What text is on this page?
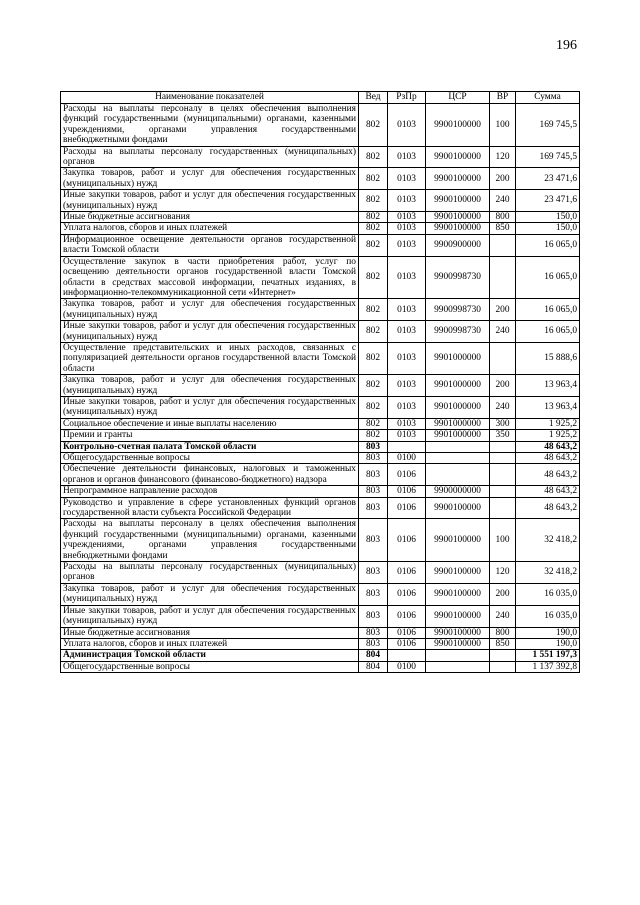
196
Наименование показателей	Вед	РзПр	ЦСР	ВР	Сумма
Расходы на выплаты персоналу в целях обеспечения выполнения функций государственными (муниципальными) органами, казенными учреждениями, органами управления государственными внебюджетными фондами	802	0103	9900100000	100	169 745,5
Расходы на выплаты персоналу государственных (муниципальных) органов	802	0103	9900100000	120	169 745,5
Закупка товаров, работ и услуг для обеспечения государственных (муниципальных) нужд	802	0103	9900100000	200	23 471,6
Иные закупки товаров, работ и услуг для обеспечения государственных (муниципальных) нужд	802	0103	9900100000	240	23 471,6
Иные бюджетные ассигнования	802	0103	9900100000	800	150,0
Уплата налогов, сборов и иных платежей	802	0103	9900100000	850	150,0
Информационное освещение деятельности органов государственной власти Томской области	802	0103	9900900000		16 065,0
Осуществление закупок в части приобретения работ, услуг по освещению деятельности органов государственной власти Томской области в средствах массовой информации, печатных изданиях, в информационно-телекоммуникационной сети «Интернет»	802	0103	9900998730		16 065,0
Закупка товаров, работ и услуг для обеспечения государственных (муниципальных) нужд	802	0103	9900998730	200	16 065,0
Иные закупки товаров, работ и услуг для обеспечения государственных (муниципальных) нужд	802	0103	9900998730	240	16 065,0
Осуществление представительских и иных расходов, связанных с популяризацией деятельности органов государственной власти Томской области	802	0103	9901000000		15 888,6
Закупка товаров, работ и услуг для обеспечения государственных (муниципальных) нужд	802	0103	9901000000	200	13 963,4
Иные закупки товаров, работ и услуг для обеспечения государственных (муниципальных) нужд	802	0103	9901000000	240	13 963,4
Социальное обеспечение и иные выплаты населению	802	0103	9901000000	300	1 925,2
Премии и гранты	802	0103	9901000000	350	1 925,2
Контрольно-счетная палата Томской области	803				48 643,2
Общегосударственные вопросы	803	0100			48 643,2
Обеспечение деятельности финансовых, налоговых и таможенных органов и органов финансового (финансово-бюджетного) надзора	803	0106			48 643,2
Непрограммное направление расходов	803	0106	9900000000		48 643,2
Руководство и управление в сфере установленных функций органов государственной власти субъекта Российской Федерации	803	0106	9900100000		48 643,2
Расходы на выплаты персоналу в целях обеспечения выполнения функций государственными (муниципальными) органами, казенными учреждениями, органами управления государственными внебюджетными фондами	803	0106	9900100000	100	32 418,2
Расходы на выплаты персоналу государственных (муниципальных) органов	803	0106	9900100000	120	32 418,2
Закупка товаров, работ и услуг для обеспечения государственных (муниципальных) нужд	803	0106	9900100000	200	16 035,0
Иные закупки товаров, работ и услуг для обеспечения государственных (муниципальных) нужд	803	0106	9900100000	240	16 035,0
Иные бюджетные ассигнования	803	0106	9900100000	800	190,0
Уплата налогов, сборов и иных платежей	803	0106	9900100000	850	190,0
Администрация Томской области	804				1 551 197,3
Общегосударственные вопросы	804	0100			1 137 392,8
